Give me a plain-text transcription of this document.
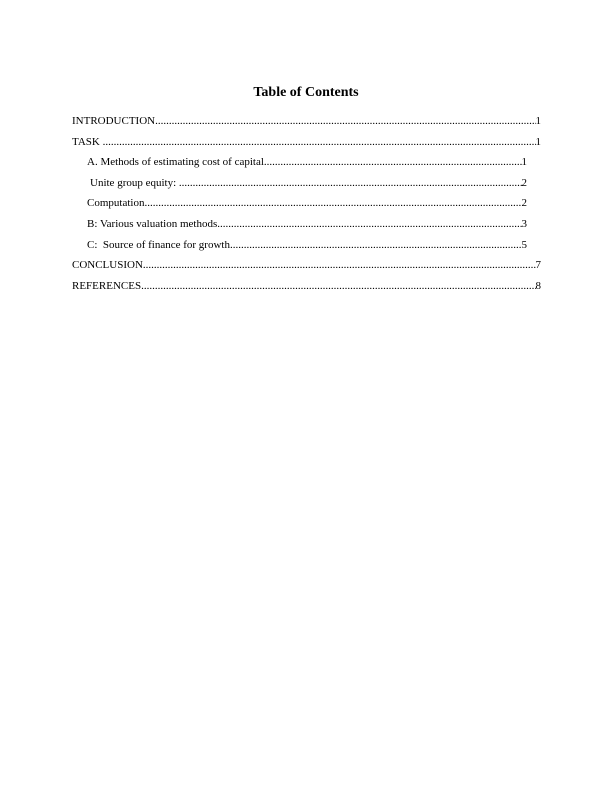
Table of Contents
INTRODUCTION .....	1
TASK .....	1
A. Methods of estimating cost of capital .....	1
Unite group equity: .....	2
Computation .....	2
B: Various valuation methods .....	3
C:  Source of finance for growth .....	5
CONCLUSION .....	7
REFERENCES .....	8
